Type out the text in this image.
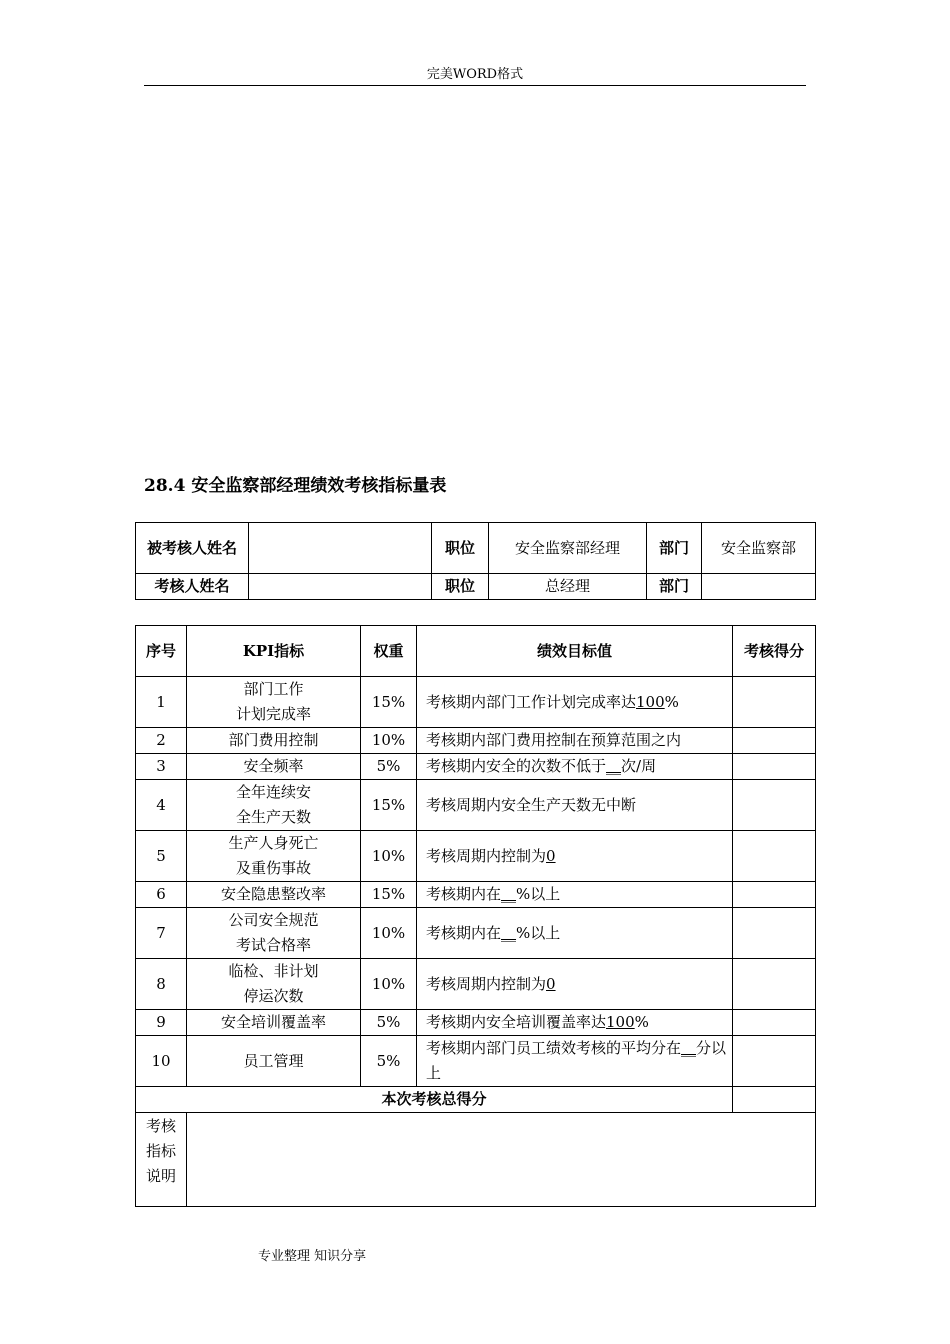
完美WORD格式
28.4 安全监察部经理绩效考核指标量表
被考核人姓名		职位	安全监察部经理	部门	安全监察部
考核人姓名		职位	总经理	部门	
序号	KPI指标	权重	绩效目标值	考核得分
1	部门工作
计划完成率	15%	考核期内部门工作计划完成率达100%	
2	部门费用控制	10%	考核期内部门费用控制在预算范围之内	
3	安全频率	5%	考核期内安全的次数不低于__次/周	
4	全年连续安
全生产天数	15%	考核周期内安全生产天数无中断	
5	生产人身死亡
及重伤事故	10%	考核周期内控制为0	
6	安全隐患整改率	15%	考核期内在__%以上	
7	公司安全规范
考试合格率	10%	考核期内在__%以上	
8	临检、非计划
停运次数	10%	考核周期内控制为0	
9	安全培训覆盖率	5%	考核期内安全培训覆盖率达100%	
10	员工管理	5%	考核期内部门员工绩效考核的平均分在__分以上	
本次考核总得分				
考核指标说明				
专业整理 知识分享
